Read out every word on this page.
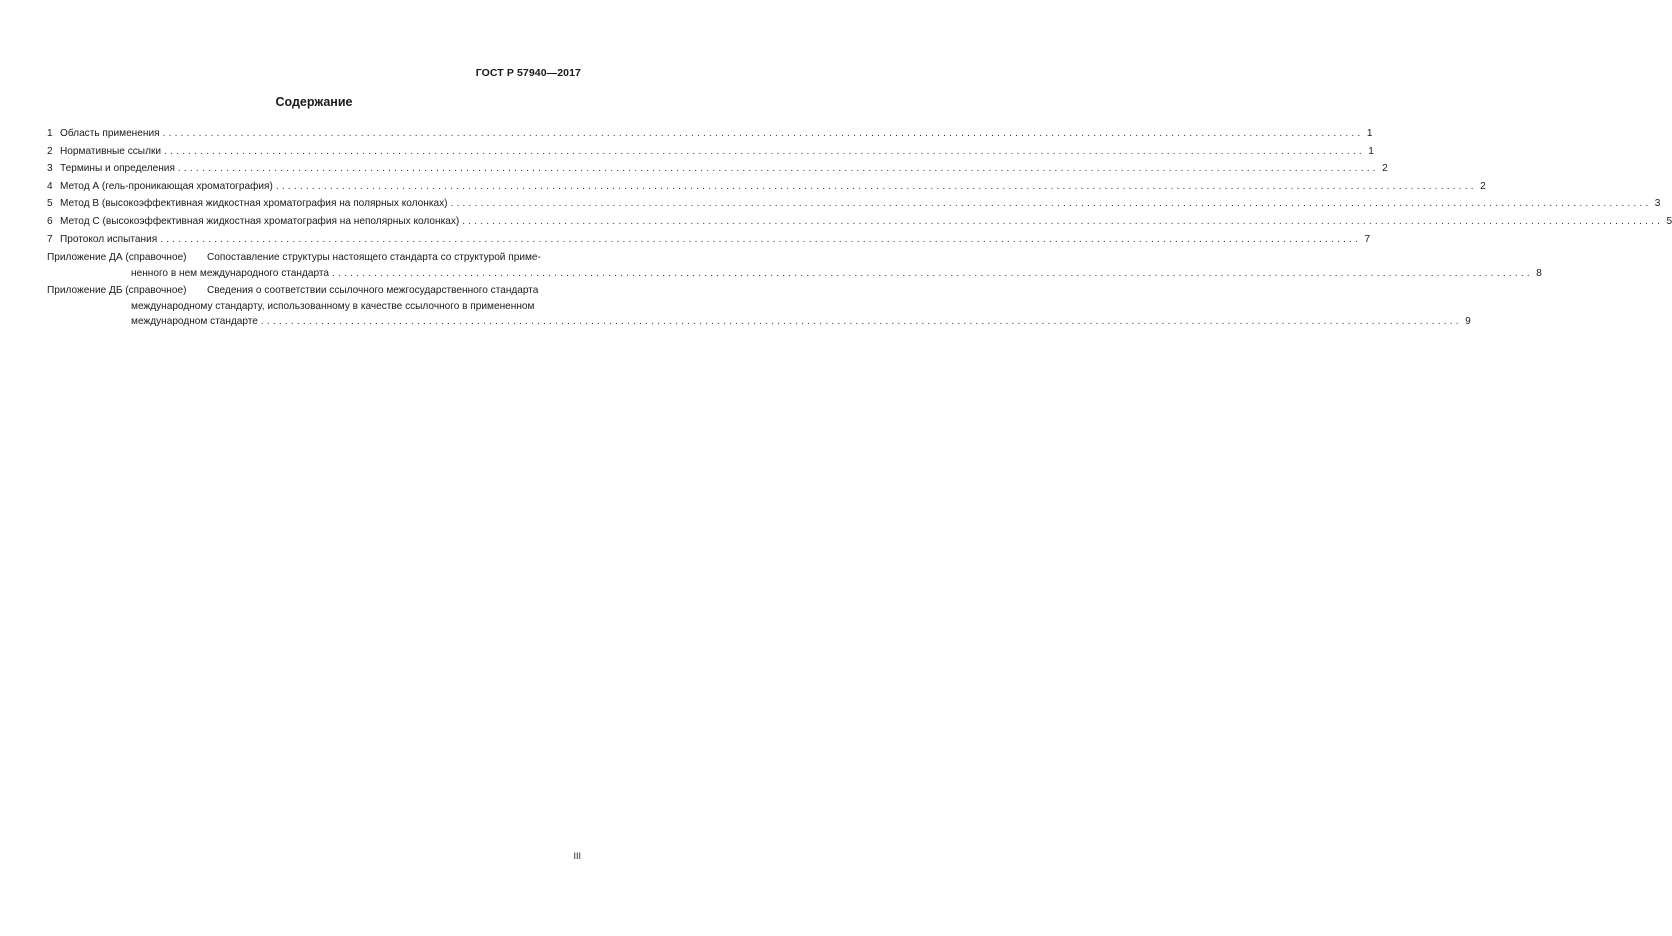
ГОСТ Р 57940—2017
Содержание
1 Область применения ........................................................................................................................................................................................................ 1
2 Нормативные ссылки ........................................................................................................................................................................................................ 1
3 Термины и определения ........................................................................................................................................................................................................ 2
4 Метод А (гель-проникающая хроматография) ........................................................................................................................................................................................................ 2
5 Метод В (высокоэффективная жидкостная хроматография на полярных колонках) ........................................................................................................................................................................................................ 3
6 Метод С (высокоэффективная жидкостная хроматография на неполярных колонках) ........................................................................................................................................................................................................ 5
7 Протокол испытания ........................................................................................................................................................................................................ 7
Приложение ДА (справочное)	Сопоставление структуры настоящего стандарта со структурой приме-
ненного в нем международного стандарта ........................................................................................................................................................................................................ 8
Приложение ДБ (справочное)	Сведения о соответствии ссылочного межгосударственного стандарта
международному стандарту, использованному в качестве ссылочного в примененном
международном стандарте ........................................................................................................................................................................................................ 9
III
